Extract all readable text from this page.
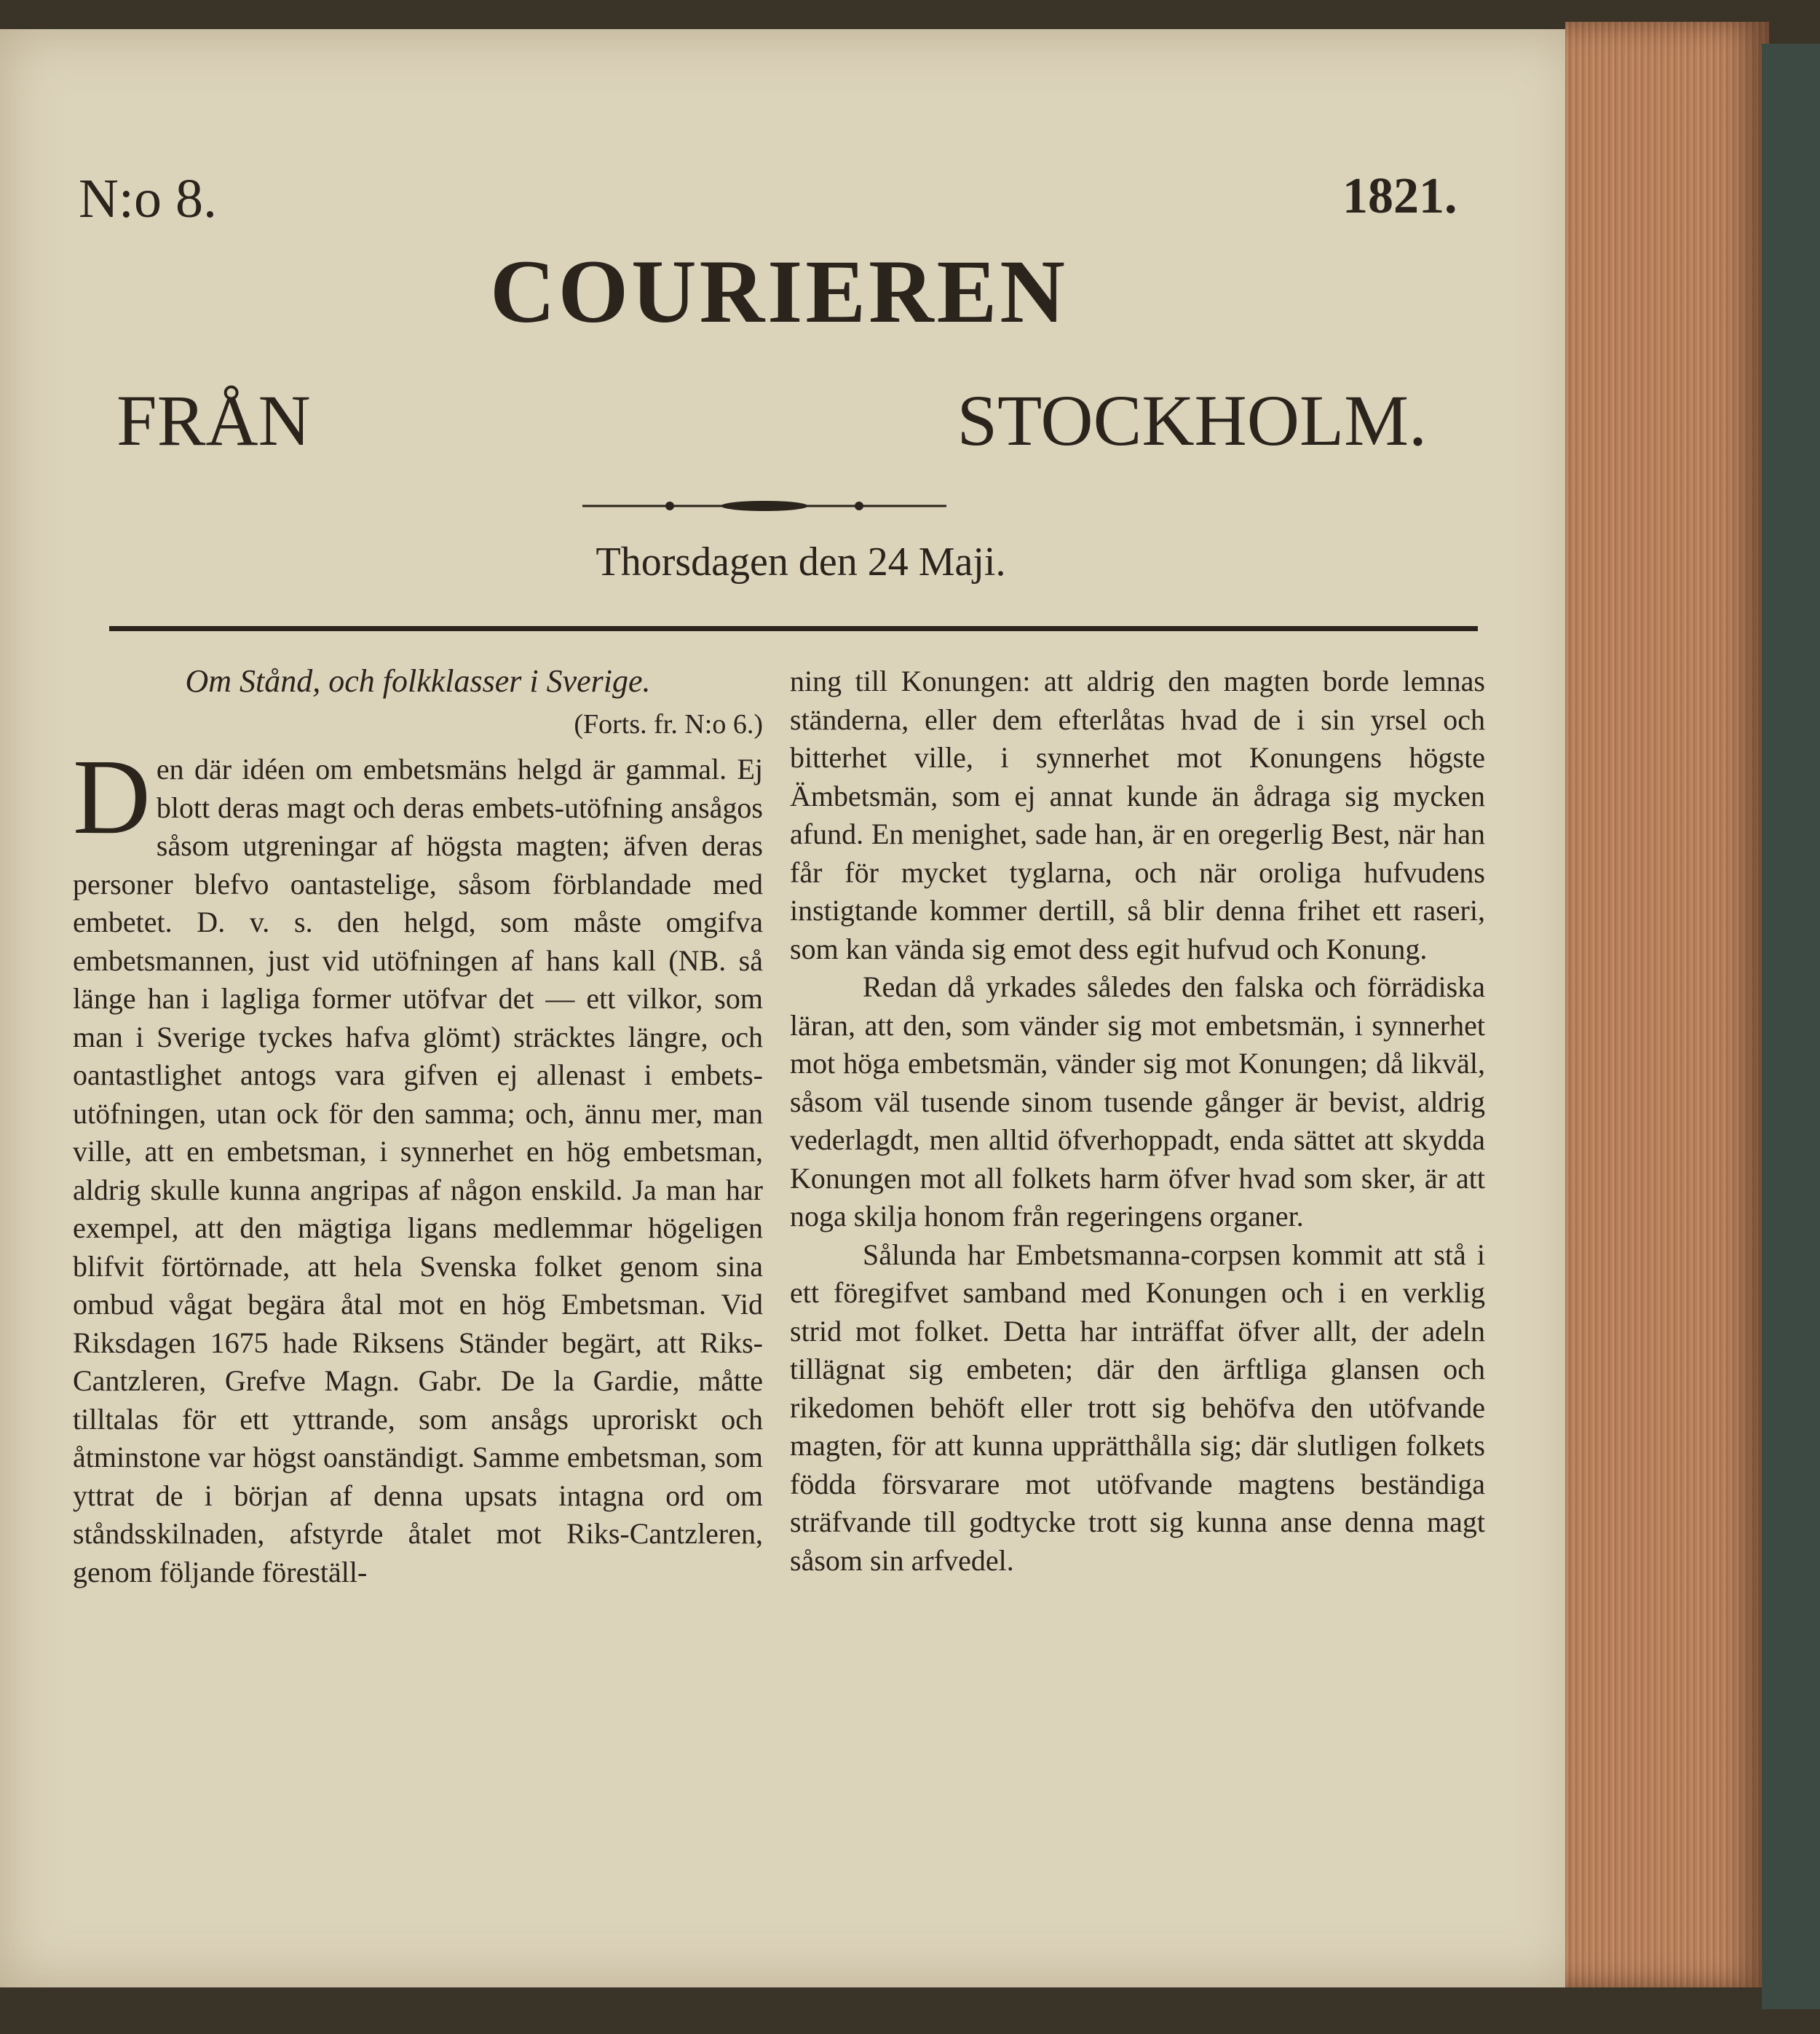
N:o 8.	1821.
COURIEREN
FRÅN STOCKHOLM.
Thorsdagen den 24 Maji.
Om Stånd, och folkklasser i Sverige.
(Forts. fr. N:o 6.)

Den där idéen om embetsmäns helgd är gammal. Ej blott deras magt och deras embets-utöfning ansågos såsom utgreningar af högsta magten; äfven deras personer blefvo oantastelige, såsom förblandade med embetet. D. v. s. den helgd, som måste omgifva embetsmannen, just vid utöfningen af hans kall (NB. så länge han i lagliga former utöfvar det — ett vilkor, som man i Sverige tyckes hafva glömt) sträcktes längre, och oantastlighet antogs vara gifven ej allenast i embets-utöfningen, utan ock för den samma; och, ännu mer, man ville, att en embetsman, i synnerhet en hög embetsman, aldrig skulle kunna angripas af någon enskild. Ja man har exempel, att den mägtiga ligans medlemmar högeligen blifvit förtörnade, att hela Svenska folket genom sina ombud vågat begära åtal mot en hög Embetsman. Vid Riksdagen 1675 hade Riksens Ständer begärt, att Riks-Cantzleren, Grefve Magn. Gabr. De la Gardie, måtte tilltalas för ett yttrande, som ansågs uproriskt och åtminstone var högst oanständigt. Samme embetsman, som yttrat de i början af denna upsats intagna ord om ståndsskilnaden, afstyrde åtalet mot Riks-Cantzleren, genom följande föreställ-

ning till Konungen: att aldrig den magten borde lemnas ständerna, eller dem efterlåtas hvad de i sin yrsel och bitterhet ville, i synnerhet mot Konungens högste Ämbetsmän, som ej annat kunde än ådraga sig mycken afund. En menighet, sade han, är en oregerlig Best, när han får för mycket tyglarna, och när oroliga hufvudens instigtande kommer dertill, så blir denna frihet ett raseri, som kan vända sig emot dess egit hufvud och Konung.

Redan då yrkades således den falska och förrädiska läran, att den, som vänder sig mot embetsmän, i synnerhet mot höga embetsmän, vänder sig mot Konungen; då likväl, såsom väl tusende sinom tusende gånger är bevist, aldrig vederlagdt, men alltid öfverhoppadt, enda sättet att skydda Konungen mot all folkets harm öfver hvad som sker, är att noga skilja honom från regeringens organer.

Sålunda har Embetsmanna-corpsen kommit att stå i ett föregifvet samband med Konungen och i en verklig strid mot folket. Detta har inträffat öfver allt, der adeln tillägnat sig embeten; där den ärftliga glansen och rikedomen behöft eller trott sig behöfva den utöfvande magten, för att kunna upprätthålla sig; där slutligen folkets födda försvarare mot utöfvande magtens beständiga sträfvande till godtycke trott sig kunna anse denna magt såsom sin arfvedel.
